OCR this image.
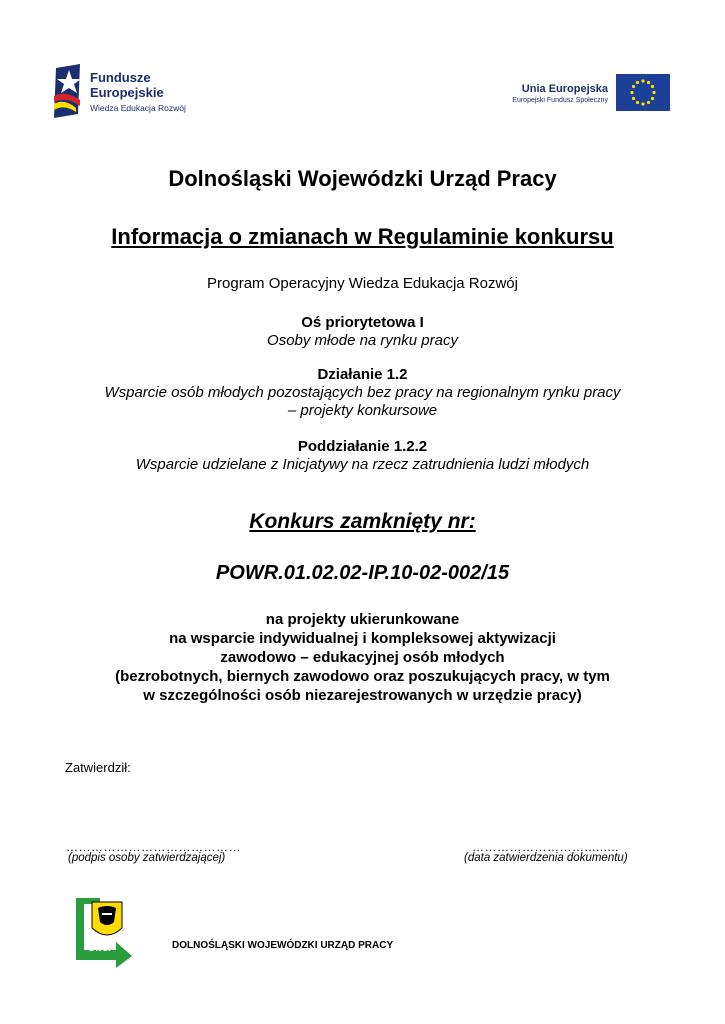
Fundusze
Europejskie
Wiedza Edukacja Rozwój
Unia Europejska
Europejski Fundusz Społeczny
Dolnośląski Wojewódzki Urząd Pracy
Informacja o zmianach w Regulaminie konkursu
Program Operacyjny Wiedza Edukacja Rozwój
Oś priorytetowa I
Osoby młode na rynku pracy
Działanie 1.2
Wsparcie osób młodych pozostających bez pracy na regionalnym rynku pracy
– projekty konkursowe
Poddziałanie 1.2.2
Wsparcie udzielane z Inicjatywy na rzecz zatrudnienia ludzi młodych
Konkurs zamknięty nr:
POWR.01.02.02-IP.10-02-002/15
na projekty ukierunkowane
na wsparcie indywidualnej i kompleksowej aktywizacji
zawodowo – edukacyjnej osób młodych
(bezrobotnych, biernych zawodowo oraz poszukujących pracy, w tym
w szczególności osób niezarejestrowanych w urzędzie pracy)
Zatwierdził:
……………………………………
(podpis osoby zatwierdzającej)
……………………….........
(data zatwierdzenia dokumentu)
DWUP	DOLNOŚLĄSKI WOJEWÓDZKI URZĄD PRACY
